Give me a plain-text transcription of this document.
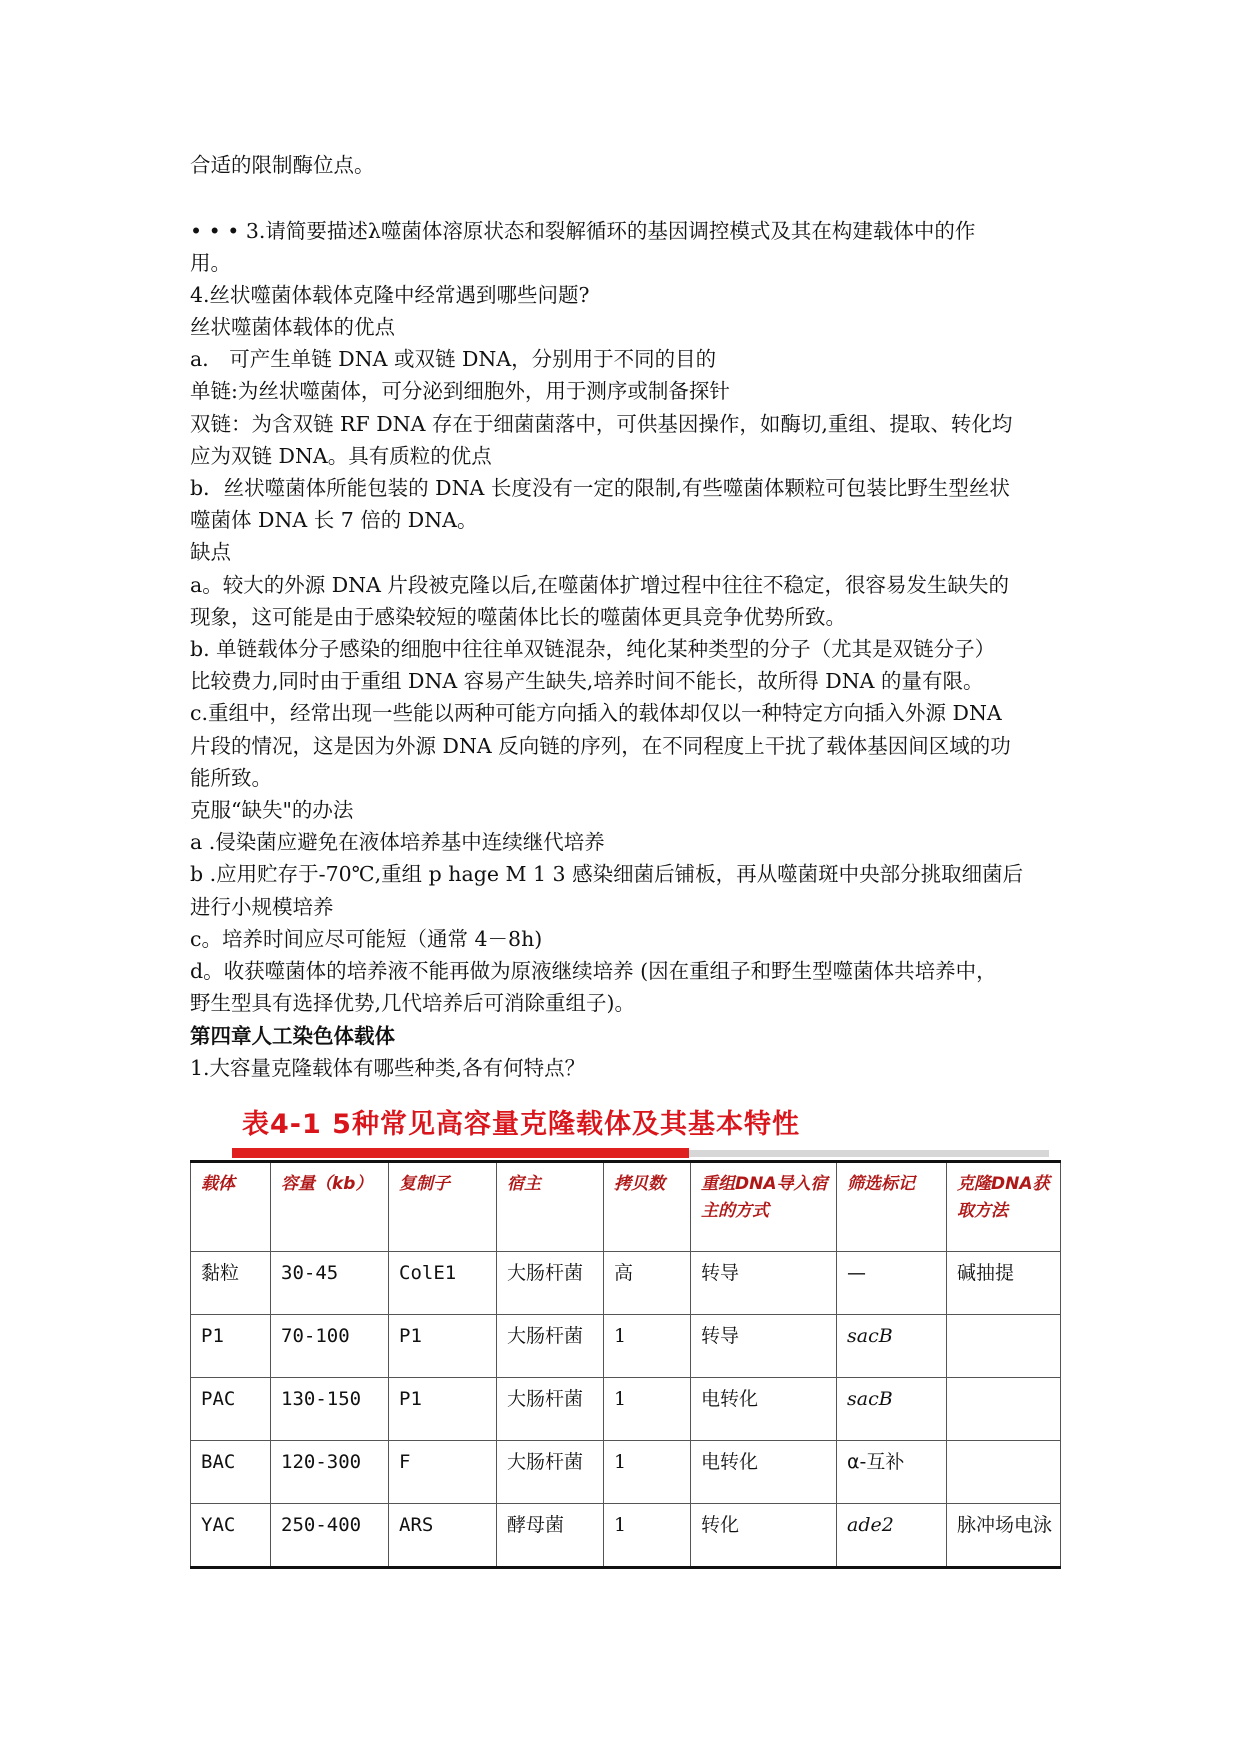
合适的限制酶位点。
• • • 3.请简要描述λ噬菌体溶原状态和裂解循环的基因调控模式及其在构建载体中的作
用。
4.丝状噬菌体载体克隆中经常遇到哪些问题?
丝状噬菌体载体的优点
a． 可产生单链 DNA 或双链 DNA，分别用于不同的目的
单链:为丝状噬菌体，可分泌到细胞外，用于测序或制备探针
双链：为含双链 RF DNA 存在于细菌菌落中，可供基因操作，如酶切,重组、提取、转化均
应为双链 DNA。具有质粒的优点
b．丝状噬菌体所能包装的 DNA 长度没有一定的限制,有些噬菌体颗粒可包装比野生型丝状
噬菌体 DNA 长 7 倍的 DNA。
缺点
a。较大的外源 DNA 片段被克隆以后,在噬菌体扩增过程中往往不稳定，很容易发生缺失的
现象，这可能是由于感染较短的噬菌体比长的噬菌体更具竞争优势所致。
b. 单链载体分子感染的细胞中往往单双链混杂，纯化某种类型的分子（尤其是双链分子）
比较费力,同时由于重组 DNA 容易产生缺失,培养时间不能长，故所得 DNA 的量有限。
c.重组中，经常出现一些能以两种可能方向插入的载体却仅以一种特定方向插入外源 DNA
片段的情况，这是因为外源 DNA 反向链的序列，在不同程度上干扰了载体基因间区域的功
能所致。
克服“缺失"的办法
a .侵染菌应避免在液体培养基中连续继代培养
b .应用贮存于-70℃,重组 p hage M 1 3 感染细菌后铺板，再从噬菌斑中央部分挑取细菌后
进行小规模培养
c。培养时间应尽可能短（通常 4－8h)
d。收获噬菌体的培养液不能再做为原液继续培养 (因在重组子和野生型噬菌体共培养中，
野生型具有选择优势,几代培养后可消除重组子)。
第四章人工染色体载体
1.大容量克隆载体有哪些种类,各有何特点？
表4-1 5种常见高容量克隆载体及其基本特性
载体	容量（kb）	复制子	宿主	拷贝数	重组DNA导入宿主的方式	筛选标记	克隆DNA获取方法
黏粒	30-45	ColE1	大肠杆菌	高	转导	—	碱抽提
P1	70-100	P1	大肠杆菌	1	转导	sacB	
PAC	130-150	P1	大肠杆菌	1	电转化	sacB	
BAC	120-300	F	大肠杆菌	1	电转化	α-互补	
YAC	250-400	ARS	酵母菌	1	转化	ade2	脉冲场电泳
